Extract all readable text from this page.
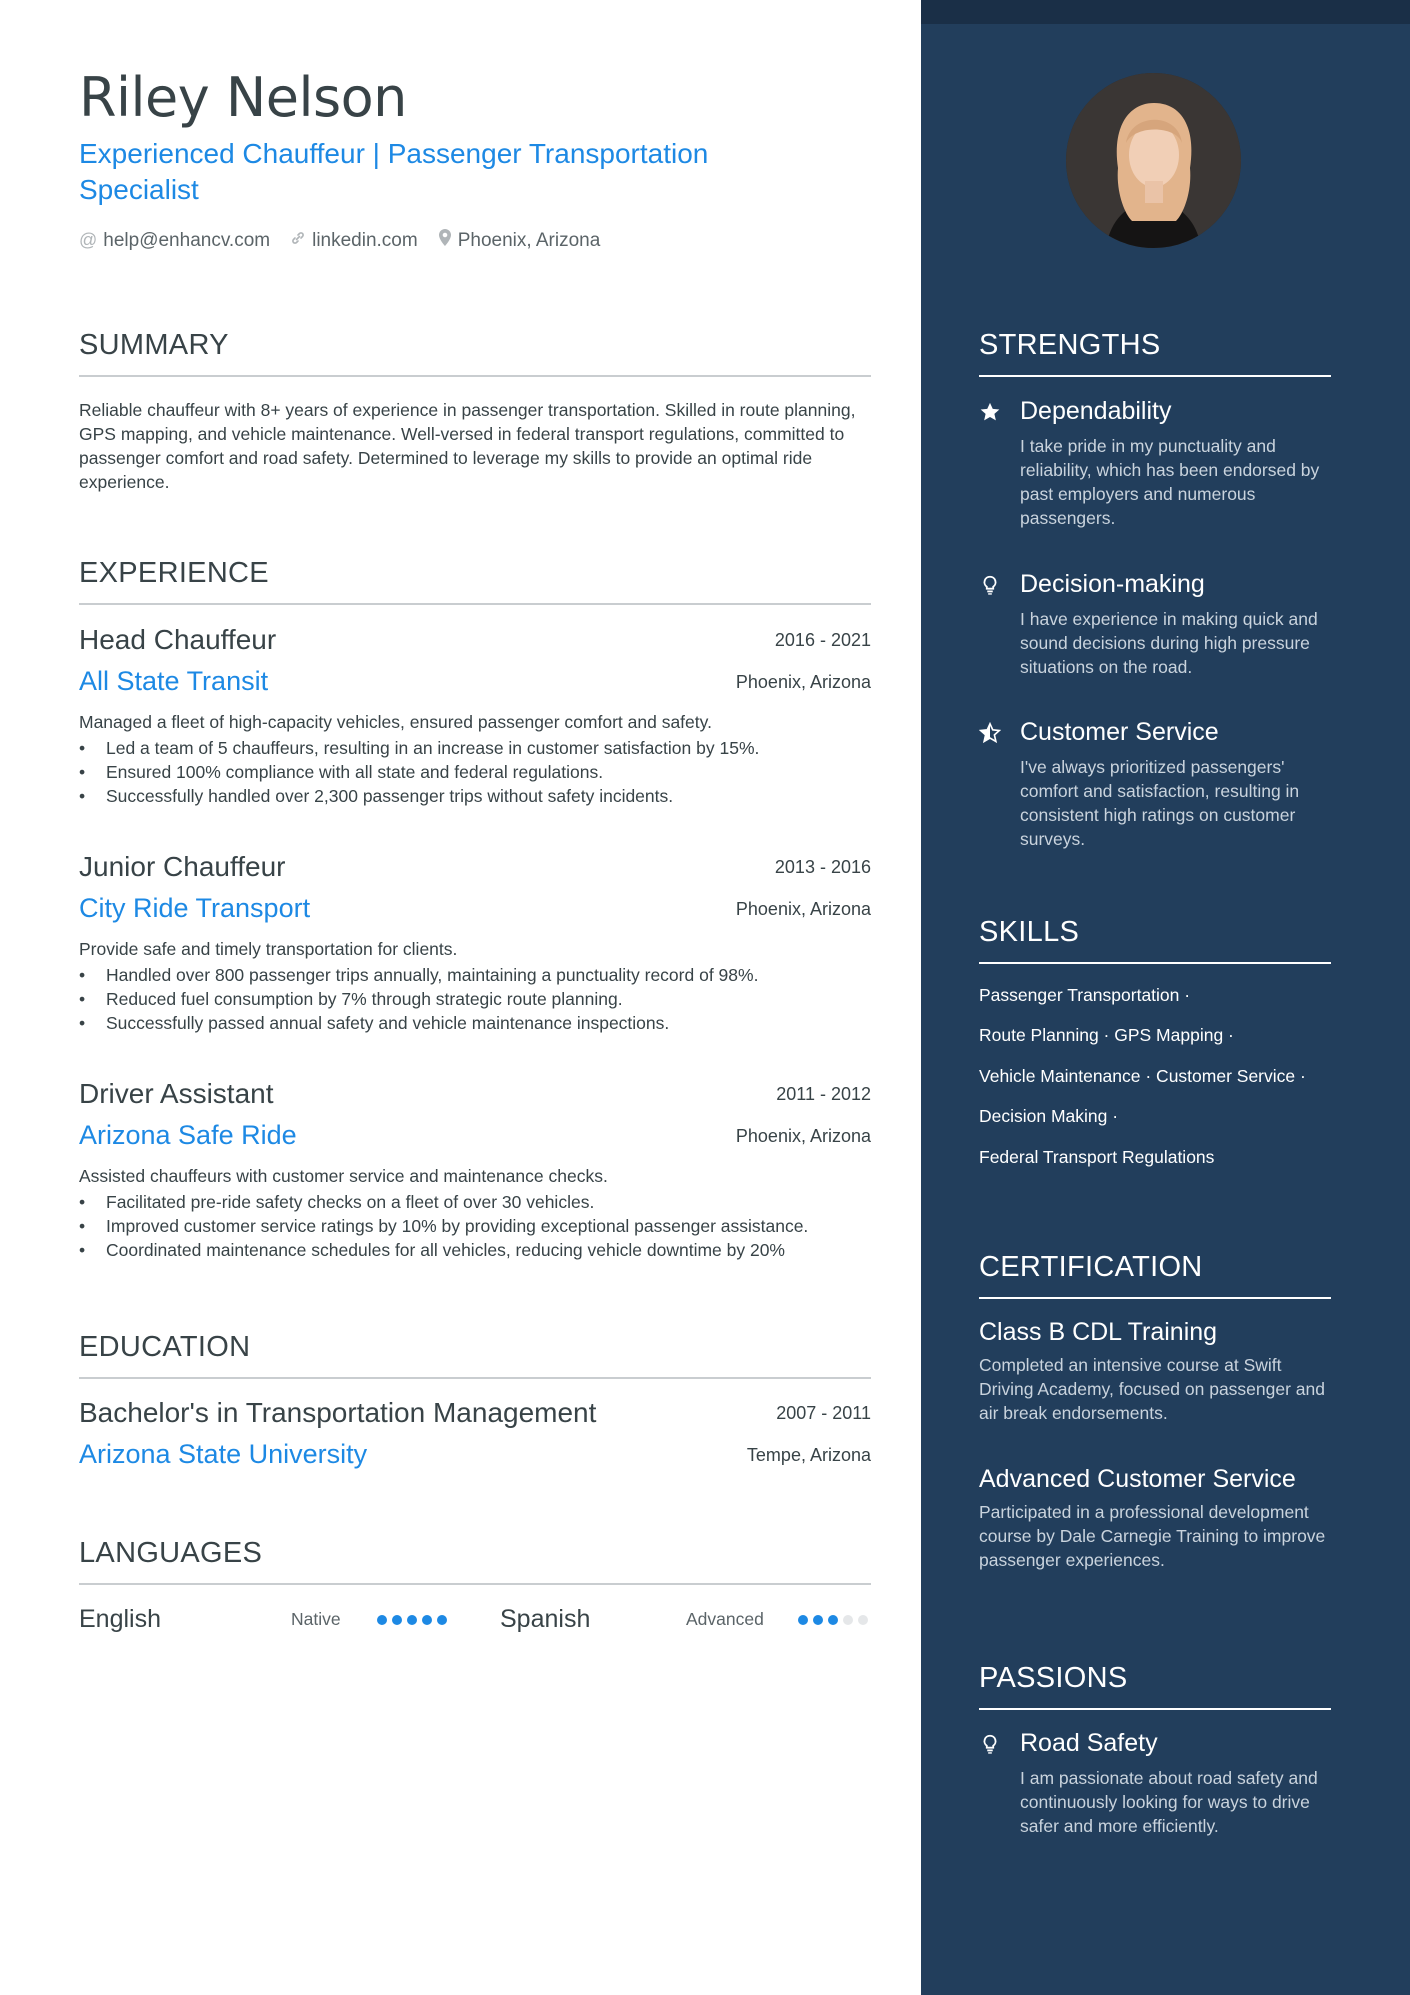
Riley Nelson
Experienced Chauffeur | Passenger Transportation Specialist
@ help@enhancv.com linkedin.com Phoenix, Arizona
SUMMARY
Reliable chauffeur with 8+ years of experience in passenger transportation. Skilled in route planning, GPS mapping, and vehicle maintenance. Well-versed in federal transport regulations, committed to passenger comfort and road safety. Determined to leverage my skills to provide an optimal ride experience.
EXPERIENCE
Head Chauffeur	2016 - 2021
All State Transit	Phoenix, Arizona
Managed a fleet of high-capacity vehicles, ensured passenger comfort and safety.
• Led a team of 5 chauffeurs, resulting in an increase in customer satisfaction by 15%.
• Ensured 100% compliance with all state and federal regulations.
• Successfully handled over 2,300 passenger trips without safety incidents.
Junior Chauffeur	2013 - 2016
City Ride Transport	Phoenix, Arizona
Provide safe and timely transportation for clients.
• Handled over 800 passenger trips annually, maintaining a punctuality record of 98%.
• Reduced fuel consumption by 7% through strategic route planning.
• Successfully passed annual safety and vehicle maintenance inspections.
Driver Assistant	2011 - 2012
Arizona Safe Ride	Phoenix, Arizona
Assisted chauffeurs with customer service and maintenance checks.
• Facilitated pre-ride safety checks on a fleet of over 30 vehicles.
• Improved customer service ratings by 10% by providing exceptional passenger assistance.
• Coordinated maintenance schedules for all vehicles, reducing vehicle downtime by 20%
EDUCATION
Bachelor's in Transportation Management	2007 - 2011
Arizona State University	Tempe, Arizona
LANGUAGES
English	Native	Spanish	Advanced
STRENGTHS
Dependability
I take pride in my punctuality and reliability, which has been endorsed by past employers and numerous passengers.
Decision-making
I have experience in making quick and sound decisions during high pressure situations on the road.
Customer Service
I've always prioritized passengers' comfort and satisfaction, resulting in consistent high ratings on customer surveys.
SKILLS
Passenger Transportation ·
Route Planning · GPS Mapping ·
Vehicle Maintenance · Customer Service ·
Decision Making ·
Federal Transport Regulations
CERTIFICATION
Class B CDL Training
Completed an intensive course at Swift Driving Academy, focused on passenger and air break endorsements.
Advanced Customer Service
Participated in a professional development course by Dale Carnegie Training to improve passenger experiences.
PASSIONS
Road Safety
I am passionate about road safety and continuously looking for ways to drive safer and more efficiently.
